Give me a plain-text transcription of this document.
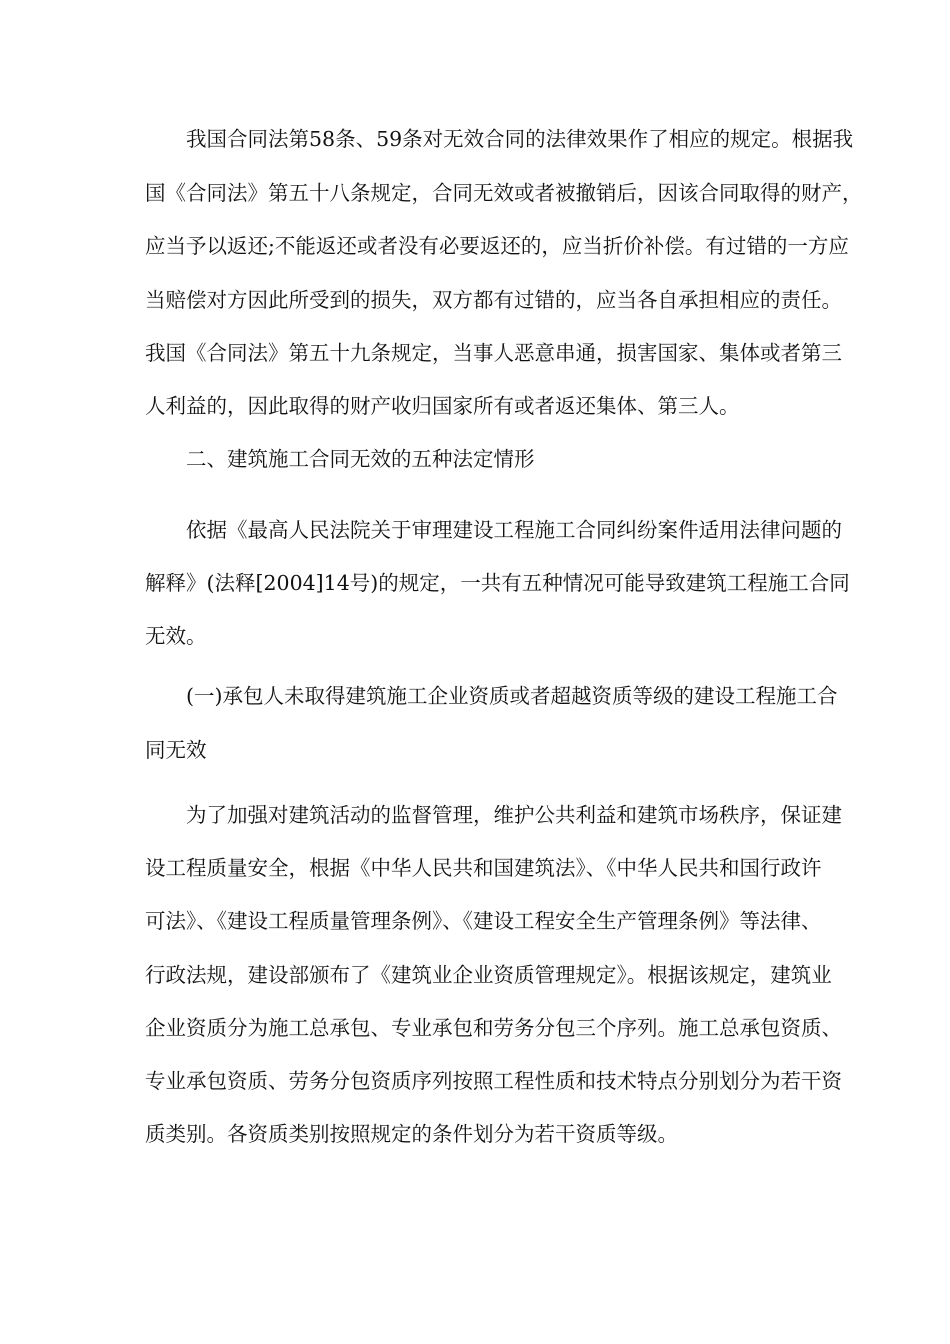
我国合同法第58条、59条对无效合同的法律效果作了相应的规定。根据我

国《合同法》第五十八条规定，合同无效或者被撤销后，因该合同取得的财产，

应当予以返还;不能返还或者没有必要返还的，应当折价补偿。有过错的一方应

当赔偿对方因此所受到的损失，双方都有过错的，应当各自承担相应的责任。

我国《合同法》第五十九条规定，当事人恶意串通，损害国家、集体或者第三

人利益的，因此取得的财产收归国家所有或者返还集体、第三人。

二、建筑施工合同无效的五种法定情形

依据《最高人民法院关于审理建设工程施工合同纠纷案件适用法律问题的

解释》(法释[2004]14号)的规定，一共有五种情况可能导致建筑工程施工合同

无效。

(一)承包人未取得建筑施工企业资质或者超越资质等级的建设工程施工合

同无效

为了加强对建筑活动的监督管理，维护公共利益和建筑市场秩序，保证建

设工程质量安全，根据《中华人民共和国建筑法》、《中华人民共和国行政许

可法》、《建设工程质量管理条例》、《建设工程安全生产管理条例》等法律、

行政法规，建设部颁布了《建筑业企业资质管理规定》。根据该规定，建筑业

企业资质分为施工总承包、专业承包和劳务分包三个序列。施工总承包资质、

专业承包资质、劳务分包资质序列按照工程性质和技术特点分别划分为若干资

质类别。各资质类别按照规定的条件划分为若干资质等级。
